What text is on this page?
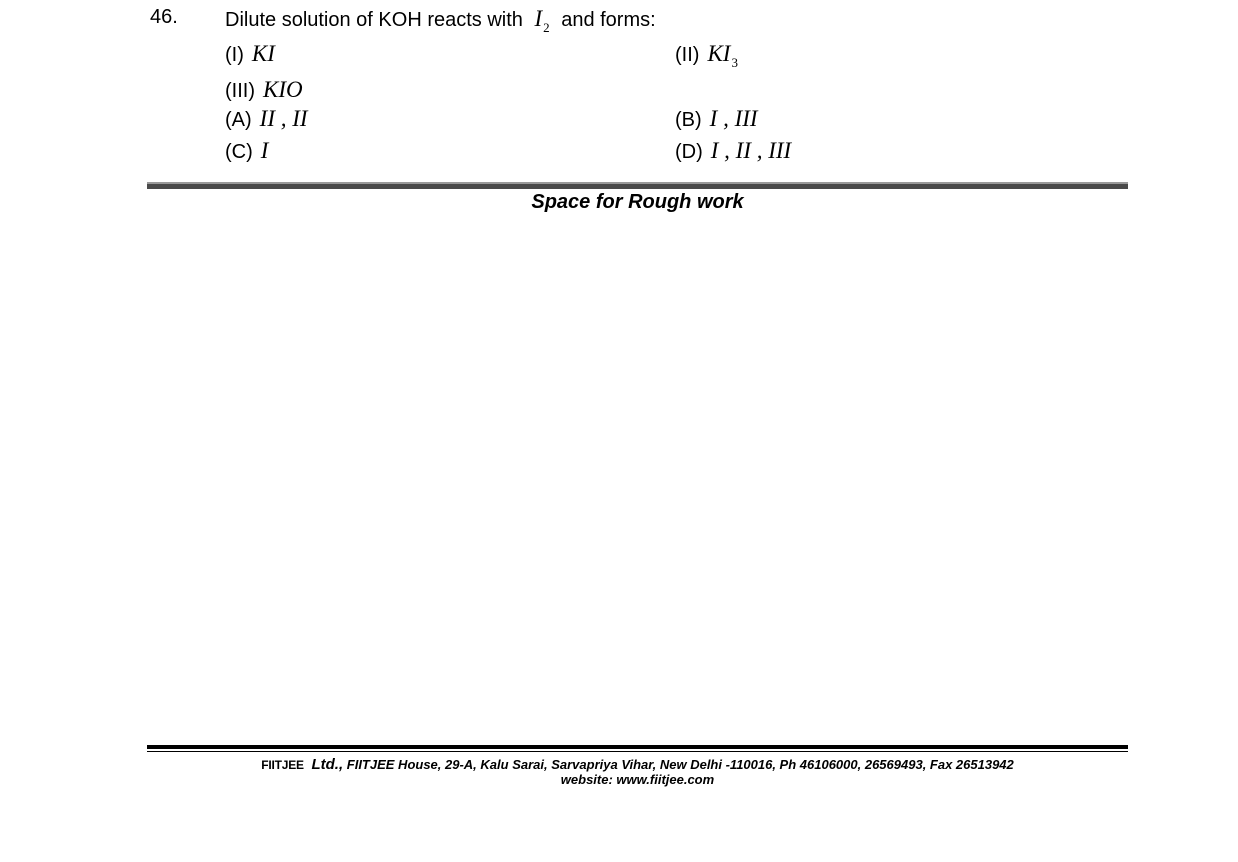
46. Dilute solution of KOH reacts with $I_2$ and forms:
(I) KI	(II) $KI_3$
(III) KIO
(A) II , II	(B) I , III
(C) I	(D) I , II , III
Space for Rough work
FIITJEE Ltd., FIITJEE House, 29-A, Kalu Sarai, Sarvapriya Vihar, New Delhi -110016, Ph 46106000, 26569493, Fax 26513942
website: www.fiitjee.com
